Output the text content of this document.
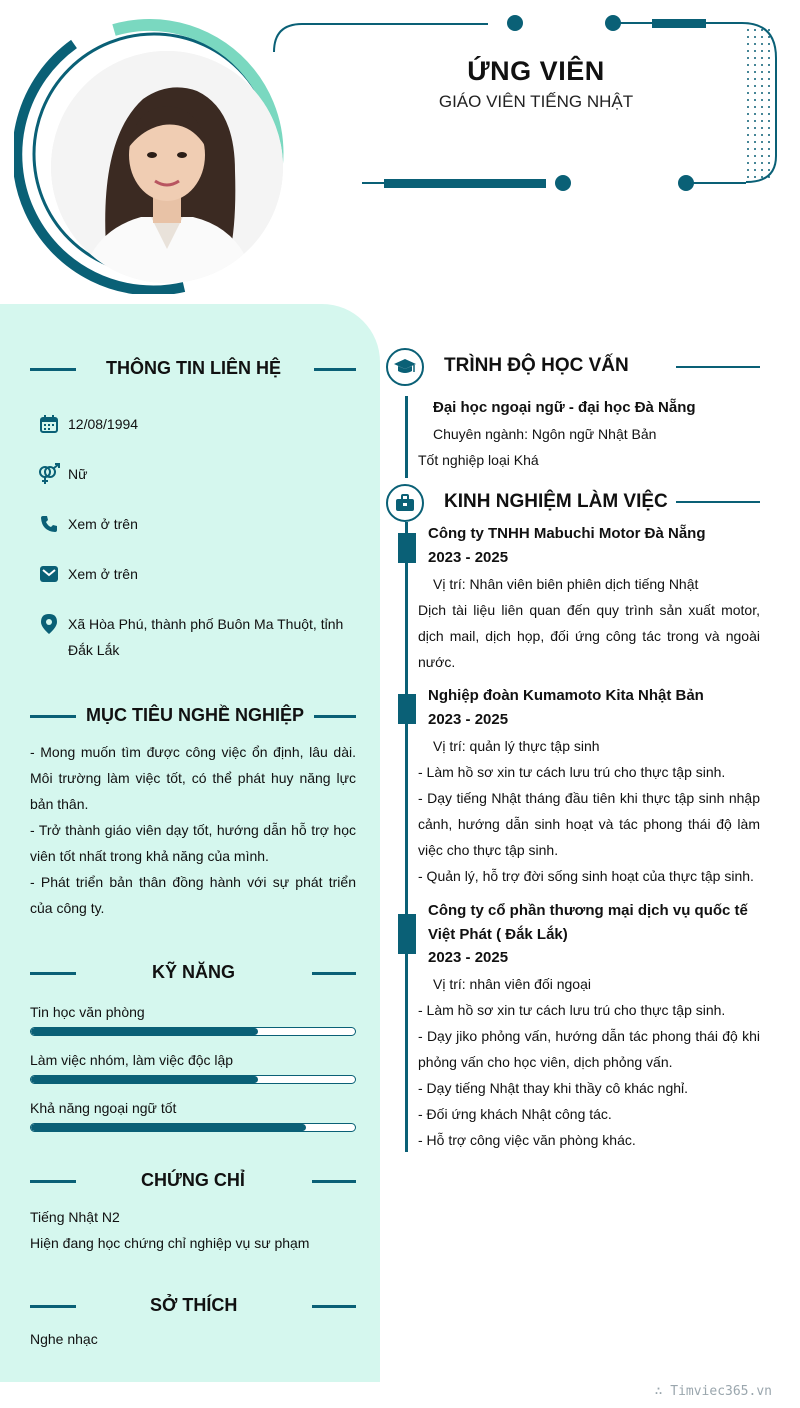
ỨNG VIÊN
GIÁO VIÊN TIẾNG NHẬT
THÔNG TIN LIÊN HỆ
12/08/1994
Nữ
Xem ở trên
Xem ở trên
Xã Hòa Phú, thành phố Buôn Ma Thuột, tỉnh Đắk Lắk
MỤC TIÊU NGHỀ NGHIỆP
- Mong muốn tìm được công việc ổn định, lâu dài. Môi trường làm việc tốt, có thể phát huy năng lực bản thân.
- Trở thành giáo viên dạy tốt, hướng dẫn hỗ trợ học viên tốt nhất trong khả năng của mình.
- Phát triển bản thân đồng hành với sự phát triển của công ty.
KỸ NĂNG
Tin học văn phòng
Làm việc nhóm, làm việc độc lập
Khả năng ngoại ngữ tốt
CHỨNG CHỈ
Tiếng Nhật N2
Hiện đang học chứng chỉ nghiệp vụ sư phạm
SỞ THÍCH
Nghe nhạc
TRÌNH ĐỘ HỌC VẤN
Đại học ngoại ngữ - đại học Đà Nẵng
Chuyên ngành: Ngôn ngữ Nhật Bản
Tốt nghiệp loại Khá
KINH NGHIỆM LÀM VIỆC
Công ty TNHH Mabuchi Motor Đà Nẵng
2023 - 2025
Vị trí: Nhân viên biên phiên dịch tiếng Nhật
Dịch tài liệu liên quan đến quy trình sản xuất motor, dịch mail, dịch họp, đối ứng công tác trong và ngoài nước.
Nghiệp đoàn Kumamoto Kita Nhật Bản
2023 - 2025
Vị trí: quản lý thực tập sinh
- Làm hồ sơ xin tư cách lưu trú cho thực tập sinh.
- Dạy tiếng Nhật tháng đầu tiên khi thực tập sinh nhập cảnh, hướng dẫn sinh hoạt và tác phong thái độ làm việc cho thực tập sinh.
- Quản lý, hỗ trợ đời sống sinh hoạt của thực tập sinh.
Công ty cổ phần thương mại dịch vụ quốc tế Việt Phát ( Đắk Lắk)
2023 - 2025
Vị trí: nhân viên đối ngoại
- Làm hồ sơ xin tư cách lưu trú cho thực tập sinh.
- Dạy jiko phỏng vấn, hướng dẫn tác phong thái độ khi phỏng vấn cho học viên, dịch phỏng vấn.
- Dạy tiếng Nhật thay khi thầy cô khác nghỉ.
- Đối ứng khách Nhật công tác.
- Hỗ trợ công việc văn phòng khác.
∴ Timviec365.vn
